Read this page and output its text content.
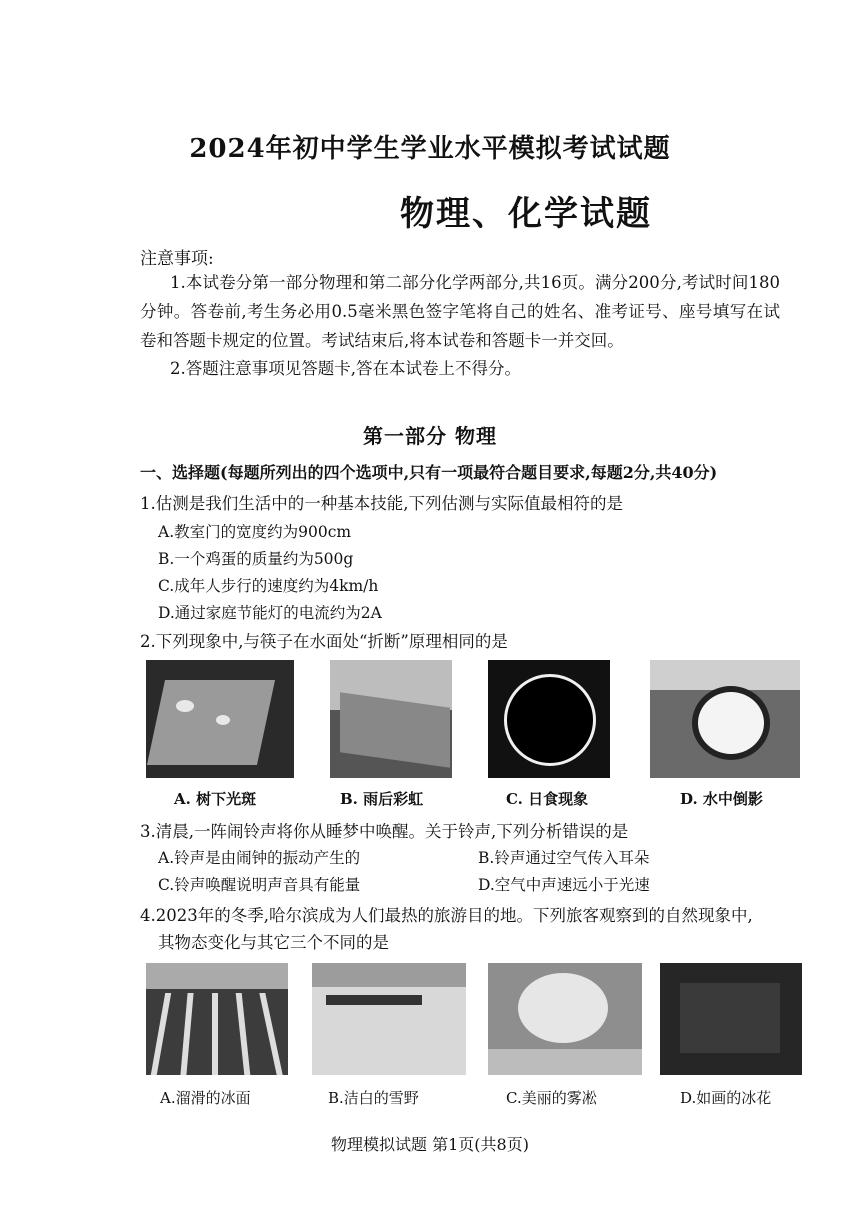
2024年初中学生学业水平模拟考试试题
物理、化学试题
注意事项:
1.本试卷分第一部分物理和第二部分化学两部分,共16页。满分200分,考试时间180分钟。答卷前,考生务必用0.5毫米黑色签字笔将自己的姓名、准考证号、座号填写在试卷和答题卡规定的位置。考试结束后,将本试卷和答题卡一并交回。
2.答题注意事项见答题卡,答在本试卷上不得分。
第一部分 物理
一、选择题(每题所列出的四个选项中,只有一项最符合题目要求,每题2分,共40分)
1.估测是我们生活中的一种基本技能,下列估测与实际值最相符的是
A.教室门的宽度约为900cm
B.一个鸡蛋的质量约为500g
C.成年人步行的速度约为4km/h
D.通过家庭节能灯的电流约为2A
2.下列现象中,与筷子在水面处“折断”原理相同的是
A. 树下光斑	B. 雨后彩虹	C. 日食现象	D. 水中倒影
3.清晨,一阵闹铃声将你从睡梦中唤醒。关于铃声,下列分析错误的是
A.铃声是由闹钟的振动产生的	B.铃声通过空气传入耳朵
C.铃声唤醒说明声音具有能量	D.空气中声速远小于光速
4.2023年的冬季,哈尔滨成为人们最热的旅游目的地。下列旅客观察到的自然现象中,
其物态变化与其它三个不同的是
A.溜滑的冰面	B.洁白的雪野	C.美丽的雾凇	D.如画的冰花
物理模拟试题 第1页(共8页)
